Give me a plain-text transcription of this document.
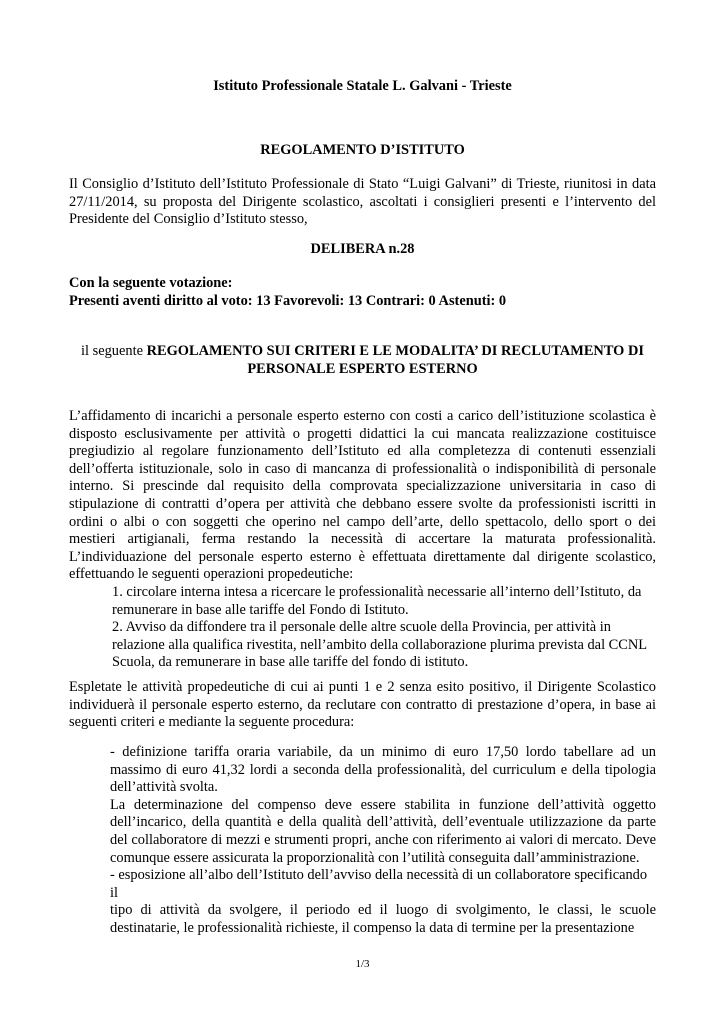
Istituto Professionale Statale L. Galvani - Trieste
REGOLAMENTO D’ISTITUTO

Il Consiglio d’Istituto dell’Istituto Professionale di Stato “Luigi Galvani” di Trieste, riunitosi in data 27/11/2014, su proposta del Dirigente scolastico, ascoltati i consiglieri presenti e l’intervento del Presidente del Consiglio d’Istituto stesso,

DELIBERA n.28
Con la seguente votazione:
Presenti aventi diritto al voto: 13 Favorevoli: 13 Contrari: 0 Astenuti: 0
il seguente REGOLAMENTO SUI CRITERI E LE MODALITA’ DI RECLUTAMENTO DI PERSONALE ESPERTO ESTERNO

L’affidamento di incarichi a personale esperto esterno con costi a carico dell’istituzione scolastica è disposto esclusivamente per attività o progetti didattici la cui mancata realizzazione costituisce pregiudizio al regolare funzionamento dell’Istituto ed alla completezza di contenuti essenziali dell’offerta istituzionale, solo in caso di mancanza di professionalità o indisponibilità di personale interno. Si prescinde dal requisito della comprovata specializzazione universitaria in caso di stipulazione di contratti d’opera per attività che debbano essere svolte da professionisti iscritti in ordini o albi o con soggetti che operino nel campo dell’arte, dello spettacolo, dello sport o dei mestieri artigianali, ferma restando la necessità di accertare la maturata professionalità. L’individuazione del personale esperto esterno è effettuata direttamente dal dirigente scolastico, effettuando le seguenti operazioni propedeutiche:

1. circolare interna intesa a ricercare le professionalità necessarie all’interno dell’Istituto, da remunerare in base alle tariffe del Fondo di Istituto.
2. Avviso da diffondere tra il personale delle altre scuole della Provincia, per attività in relazione alla qualifica rivestita, nell’ambito della collaborazione plurima prevista dal CCNL Scuola, da remunerare in base alle tariffe del fondo di istituto.

Espletate le attività propedeutiche di cui ai punti 1 e 2 senza esito positivo, il Dirigente Scolastico individuerà il personale esperto esterno, da reclutare con contratto di prestazione d’opera, in base ai seguenti criteri e mediante la seguente procedura:

- definizione tariffa oraria variabile, da un minimo di euro 17,50 lordo tabellare ad un massimo di euro 41,32 lordi a seconda della professionalità, del curriculum e della tipologia dell’attività svolta.

La determinazione del compenso deve essere stabilita in funzione dell’attività oggetto dell’incarico, della quantità e della qualità dell’attività, dell’eventuale utilizzazione da parte del collaboratore di mezzi e strumenti propri, anche con riferimento ai valori di mercato. Deve comunque essere assicurata la proporzionalità con l’utilità conseguita dall’amministrazione.

- esposizione all’albo dell’Istituto dell’avviso della necessità di un collaboratore specificando il

tipo di attività da svolgere, il periodo ed il luogo di svolgimento, le classi, le scuole destinatarie, le professionalità richieste, il compenso la data di termine per la presentazione

1/3
